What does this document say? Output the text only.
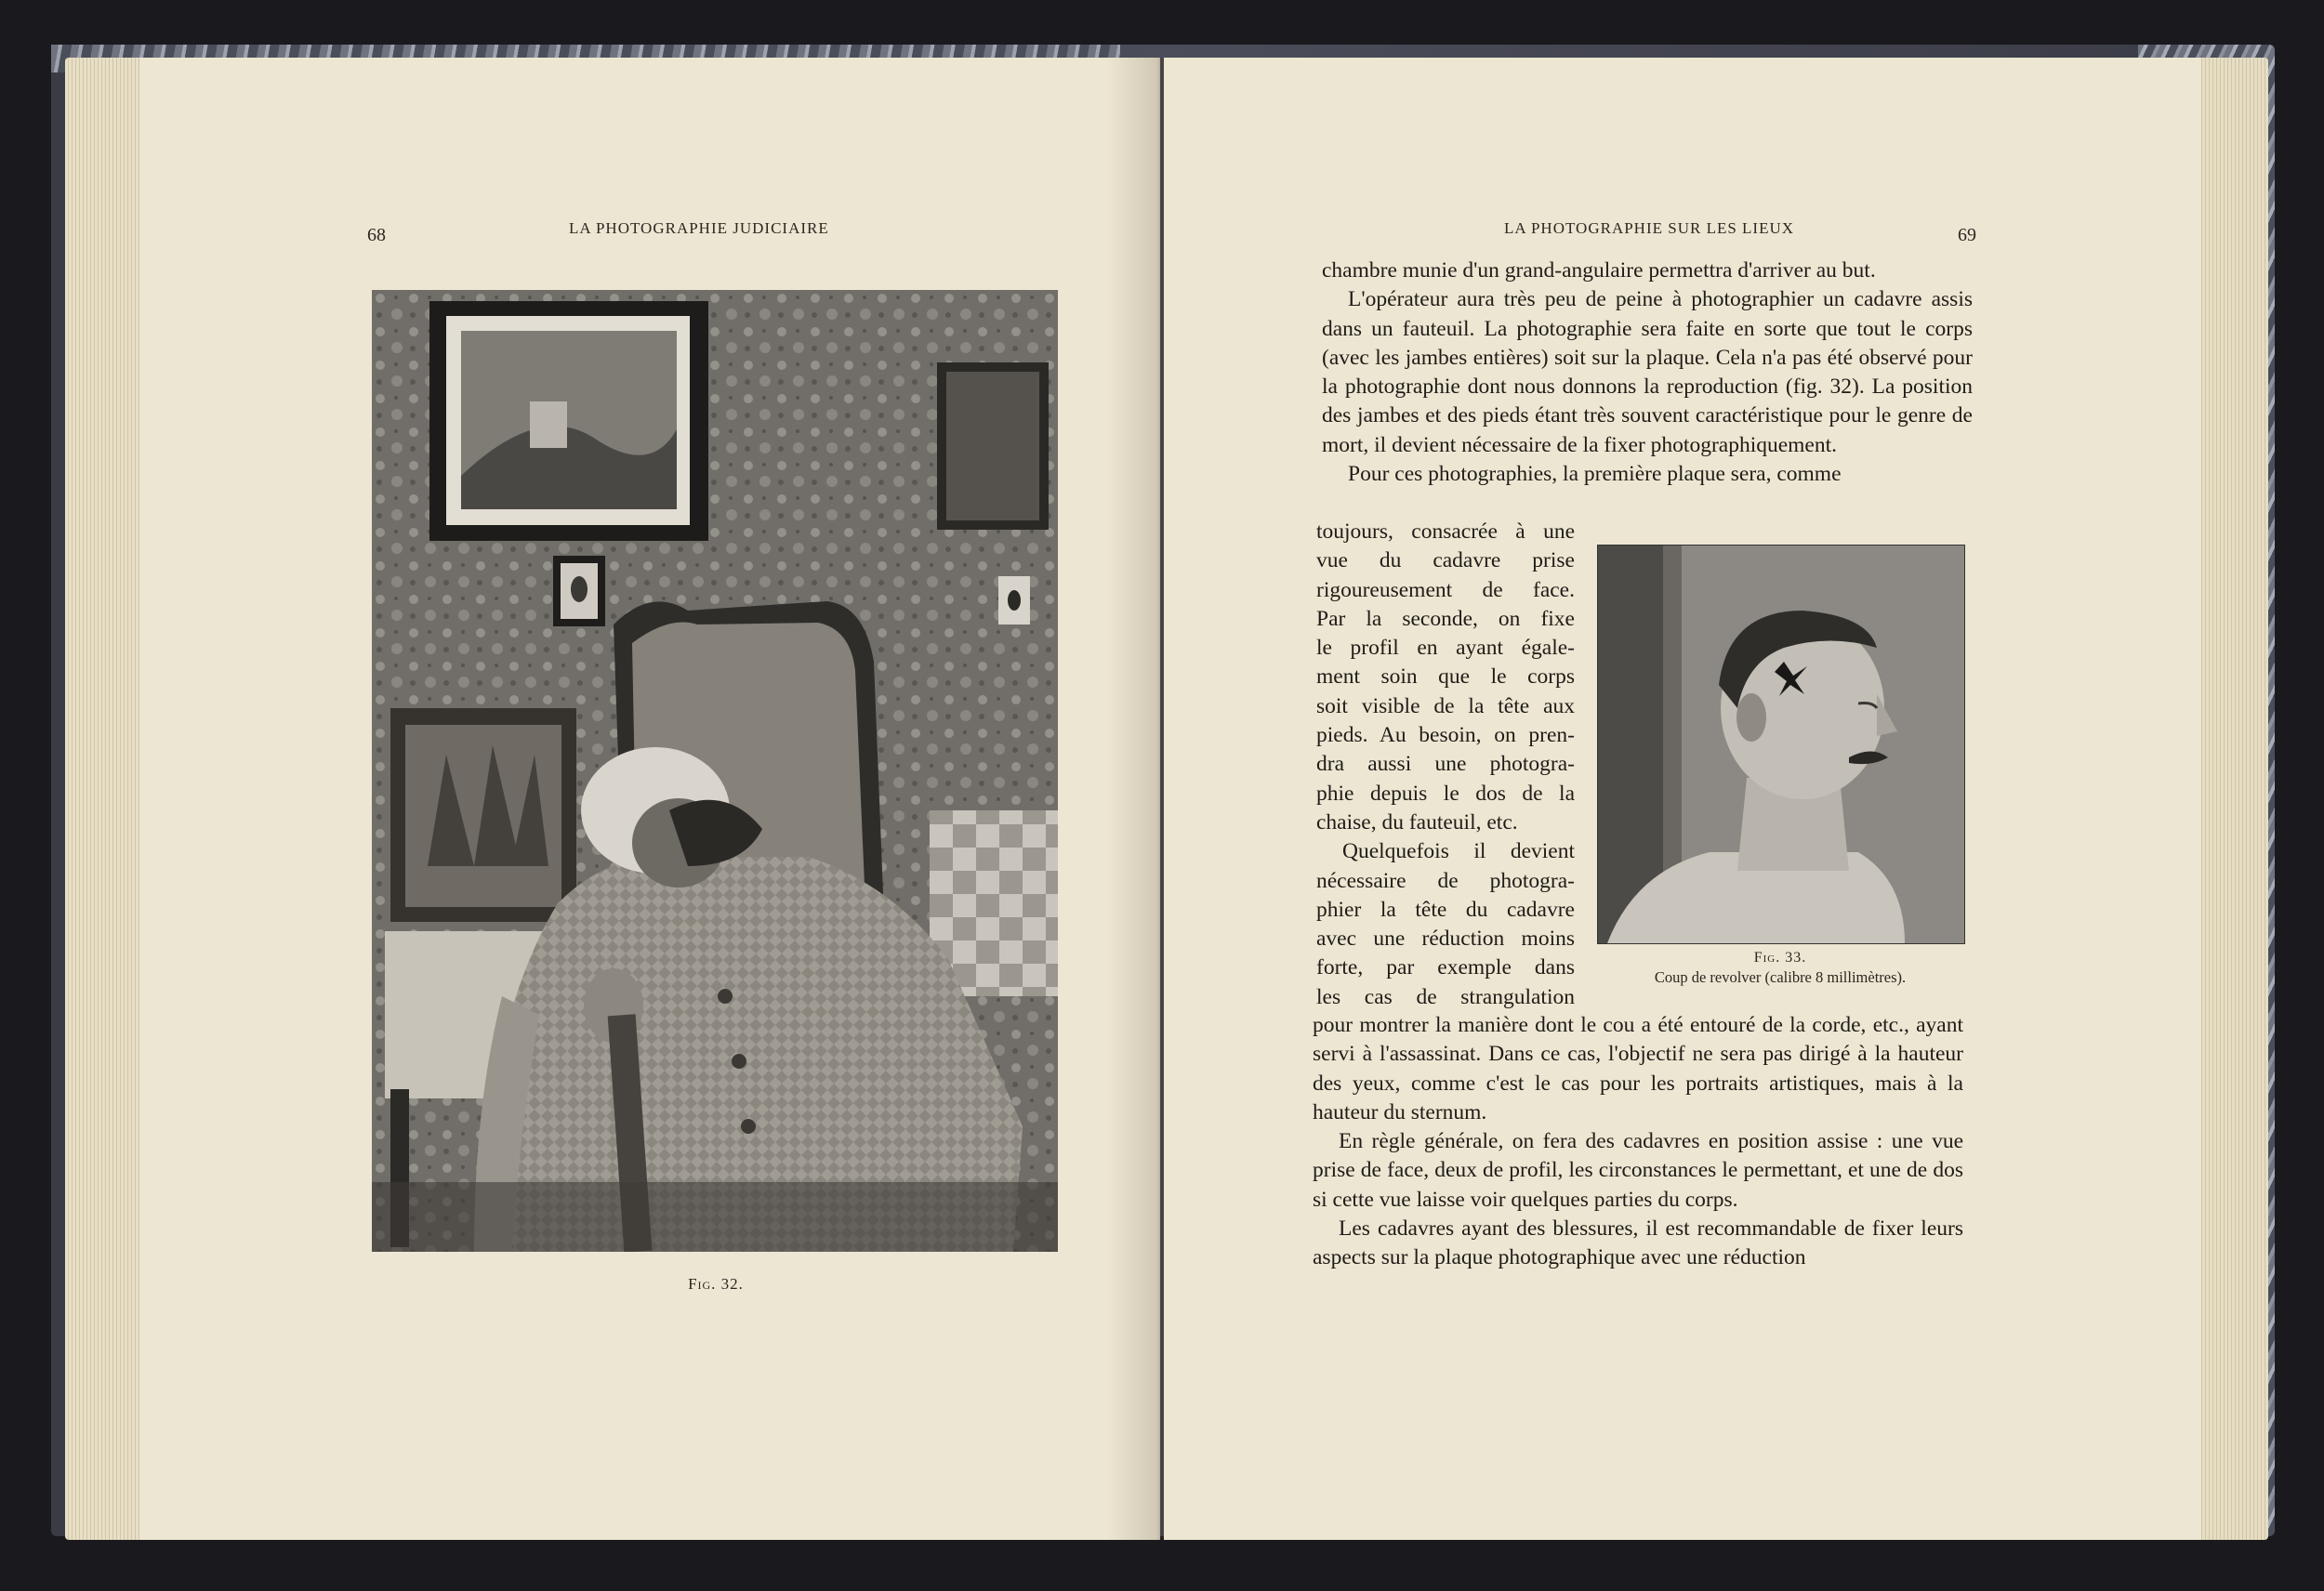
68	LA PHOTOGRAPHIE JUDICIAIRE
Fig. 32.
LA PHOTOGRAPHIE SUR LES LIEUX	69

chambre munie d'un grand-angulaire permettra d'arriver au but.

L'opérateur aura très peu de peine à photographier un cadavre assis dans un fauteuil. La photographie sera faite en sorte que tout le corps (avec les jambes entières) soit sur la plaque. Cela n'a pas été observé pour la photographie dont nous donnons la reproduction (fig. 32). La position des jambes et des pieds étant très souvent caractéristique pour le genre de mort, il devient nécessaire de la fixer photographiquement.

Pour ces photographies, la première plaque sera, comme

toujours, consacrée à une

vue du cadavre prise

rigoureusement de face.

Par la seconde, on fixe

le profil en ayant égale-

ment soin que le corps

soit visible de la tête aux

pieds. Au besoin, on pren-

dra aussi une photogra-

phie depuis le dos de la

chaise, du fauteuil, etc.

Quelquefois il devient

nécessaire de photogra-

phier la tête du cadavre

avec une réduction moins

forte, par exemple dans

les cas de strangulation

Fig. 33.
Coup de revolver (calibre 8 millimètres).

pour montrer la manière dont le cou a été entouré de la corde, etc., ayant servi à l'assassinat. Dans ce cas, l'objectif ne sera pas dirigé à la hauteur des yeux, comme c'est le cas pour les portraits artistiques, mais à la hauteur du sternum.

En règle générale, on fera des cadavres en position assise : une vue prise de face, deux de profil, les circonstances le permettant, et une de dos si cette vue laisse voir quelques parties du corps.

Les cadavres ayant des blessures, il est recommandable de fixer leurs aspects sur la plaque photographique avec une réduction
